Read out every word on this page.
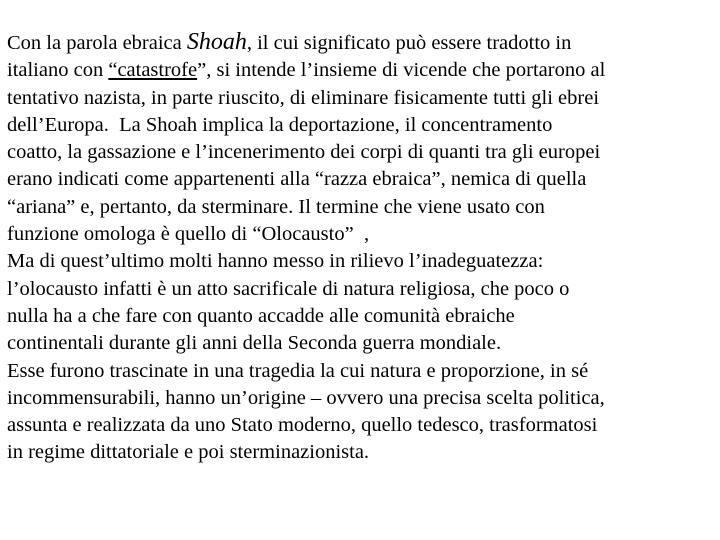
Con la parola ebraica Shoah, il cui significato può essere tradotto in
italiano con “catastrofe”, si intende l’insieme di vicende che portarono al
tentativo nazista, in parte riuscito, di eliminare fisicamente tutti gli ebrei
dell’Europa.  La Shoah implica la deportazione, il concentramento
coatto, la gassazione e l’incenerimento dei corpi di quanti tra gli europei
erano indicati come appartenenti alla “razza ebraica”, nemica di quella
“ariana” e, pertanto, da sterminare. Il termine che viene usato con
funzione omologa è quello di “Olocausto”  ,
Ma di quest’ultimo molti hanno messo in rilievo l’inadeguatezza:
l’olocausto infatti è un atto sacrificale di natura religiosa, che poco o
nulla ha a che fare con quanto accadde alle comunità ebraiche
continentali durante gli anni della Seconda guerra mondiale.
Esse furono trascinate in una tragedia la cui natura e proporzione, in sé
incommensurabili, hanno un’origine – ovvero una precisa scelta politica,
assunta e realizzata da uno Stato moderno, quello tedesco, trasformatosi
in regime dittatoriale e poi sterminazionista.
